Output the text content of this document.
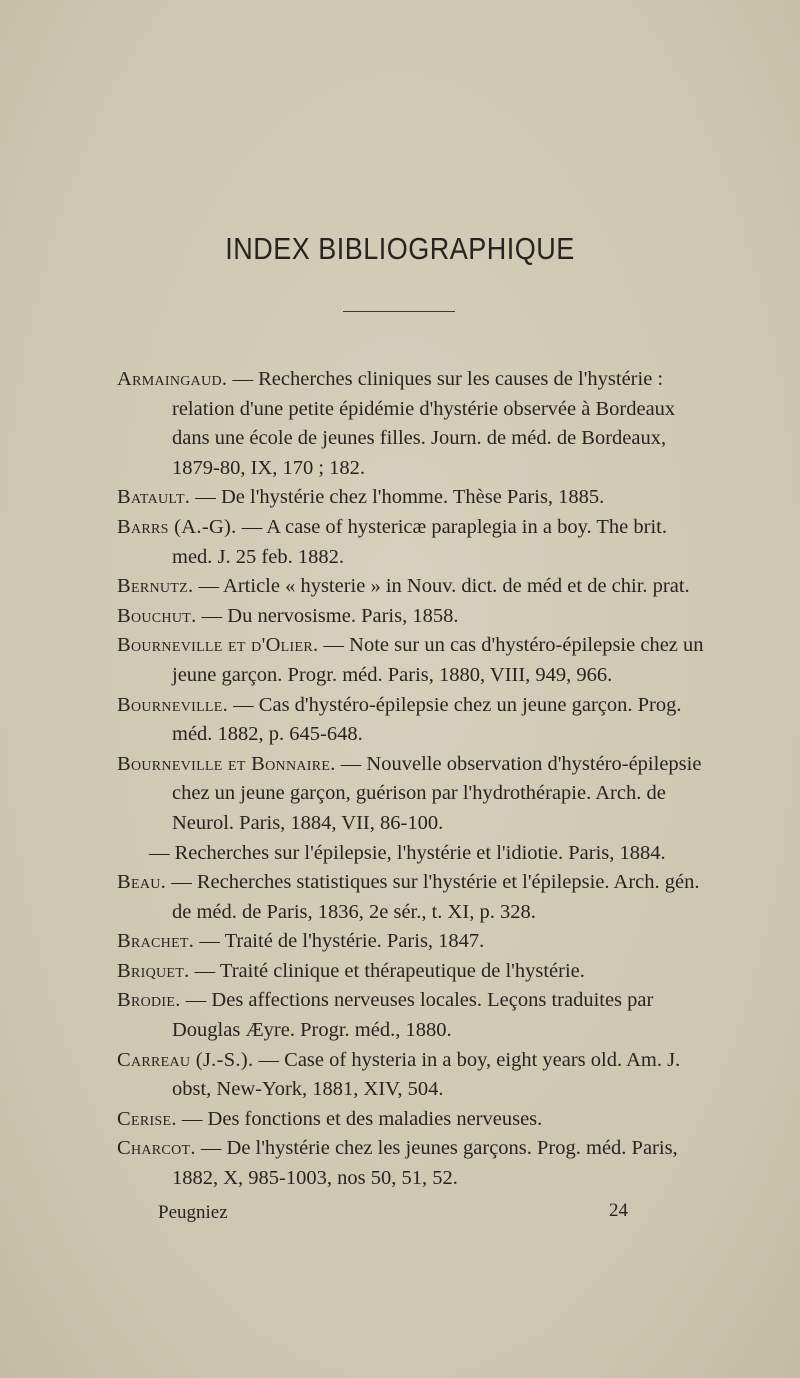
INDEX BIBLIOGRAPHIQUE

Armaingaud. — Recherches cliniques sur les causes de l'hystérie : relation d'une petite épidémie d'hystérie observée à Bordeaux dans une école de jeunes filles. Journ. de méd. de Bordeaux, 1879-80, IX, 170 ; 182.

Batault. — De l'hystérie chez l'homme. Thèse Paris, 1885.

Barrs (A.-G). — A case of hystericæ paraplegia in a boy. The brit. med. J. 25 feb. 1882.

Bernutz. — Article « hysterie » in Nouv. dict. de méd et de chir. prat.

Bouchut. — Du nervosisme. Paris, 1858.

Bourneville et d'Olier. — Note sur un cas d'hystéro-épilepsie chez un jeune garçon. Progr. méd. Paris, 1880, VIII, 949, 966.

Bourneville. — Cas d'hystéro-épilepsie chez un jeune garçon. Prog. méd. 1882, p. 645-648.

Bourneville et Bonnaire. — Nouvelle observation d'hystéro-épilepsie chez un jeune garçon, guérison par l'hydrothérapie. Arch. de Neurol. Paris, 1884, VII, 86-100.

— Recherches sur l'épilepsie, l'hystérie et l'idiotie. Paris, 1884.

Beau. — Recherches statistiques sur l'hystérie et l'épilepsie. Arch. gén. de méd. de Paris, 1836, 2e sér., t. XI, p. 328.

Brachet. — Traité de l'hystérie. Paris, 1847.

Briquet. — Traité clinique et thérapeutique de l'hystérie.

Brodie. — Des affections nerveuses locales. Leçons traduites par Douglas Æyre. Progr. méd., 1880.

Carreau (J.-S.). — Case of hysteria in a boy, eight years old. Am. J. obst, New-York, 1881, XIV, 504.

Cerise. — Des fonctions et des maladies nerveuses.

Charcot. — De l'hystérie chez les jeunes garçons. Prog. méd. Paris, 1882, X, 985-1003, nos 50, 51, 52.

Peugniez	24
